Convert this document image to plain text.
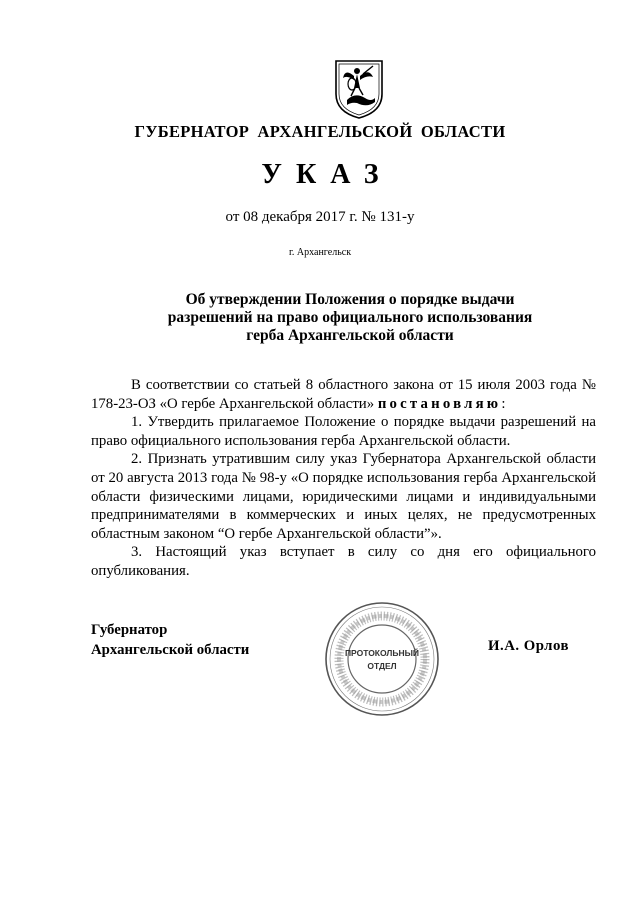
ГУБЕРНАТОР АРХАНГЕЛЬСКОЙ ОБЛАСТИ
УКАЗ
от 08 декабря 2017 г. № 131-у
г. Архангельск
Об утверждении Положения о порядке выдачи разрешений на право официального использования герба Архангельской области

В соответствии со статьей 8 областного закона от 15 июля 2003 года № 178-23-ОЗ «О гербе Архангельской области» постановляю:

1. Утвердить прилагаемое Положение о порядке выдачи разрешений на право официального использования герба Архангельской области.

2. Признать утратившим силу указ Губернатора Архангельской области от 20 августа 2013 года № 98-у «О порядке использования герба Архангельской области физическими лицами, юридическими лицами и индивидуальными предпринимателями в коммерческих и иных целях, не предусмотренных областным законом “О гербе Архангельской области”».

3. Настоящий указ вступает в силу со дня его официального опубликования.

Губернатор
Архангельской области	ПРОТОКОЛЬНЫЙ
ОТДЕЛ
И.А. Орлов
